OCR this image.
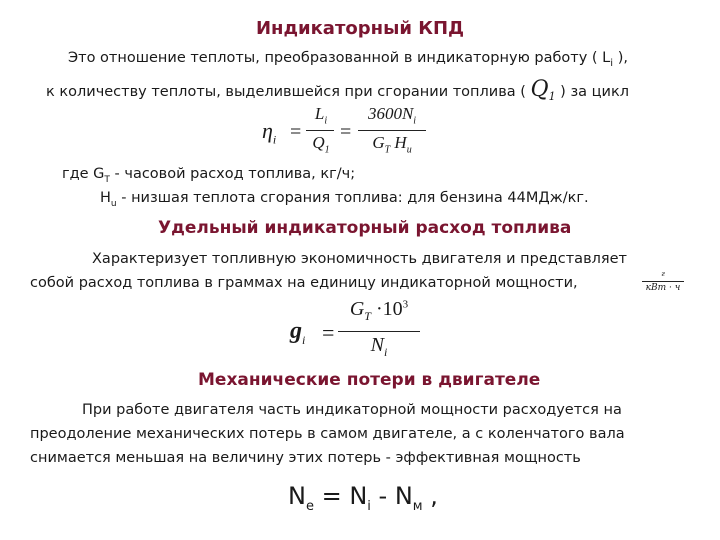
Индикаторный КПД
Это отношение теплоты, преобразованной в индикаторную работу ( $L_i$ ),
к количеству теплоты, выделившейся при сгорании топлива ( $Q_1$ ) за цикл
$\eta_i$ =
$L_i$
$Q_1$
=
$3600N_i$
$G_T$ $H_u$
где $G_T$ - часовой расход топлива, кг/ч;
$H_u$ - низшая теплота сгорания топлива: для бензина 44МДж/кг.
Удельный индикаторный расход топлива
Характеризует топливную экономичность двигателя и представляет
собой расход топлива в граммах на единицу индикаторной мощности,
г
кВт · ч
$g_i$ =
$G_T \cdot 10^3$
$N_i$
Механические потери в двигателе
При работе двигателя часть индикаторной мощности расходуется на
преодоление механических потерь в самом двигателе, а с коленчатого вала
снимается меньшая на величину этих потерь - эффективная мощность
$N_e = N_i - N_м$ ,
